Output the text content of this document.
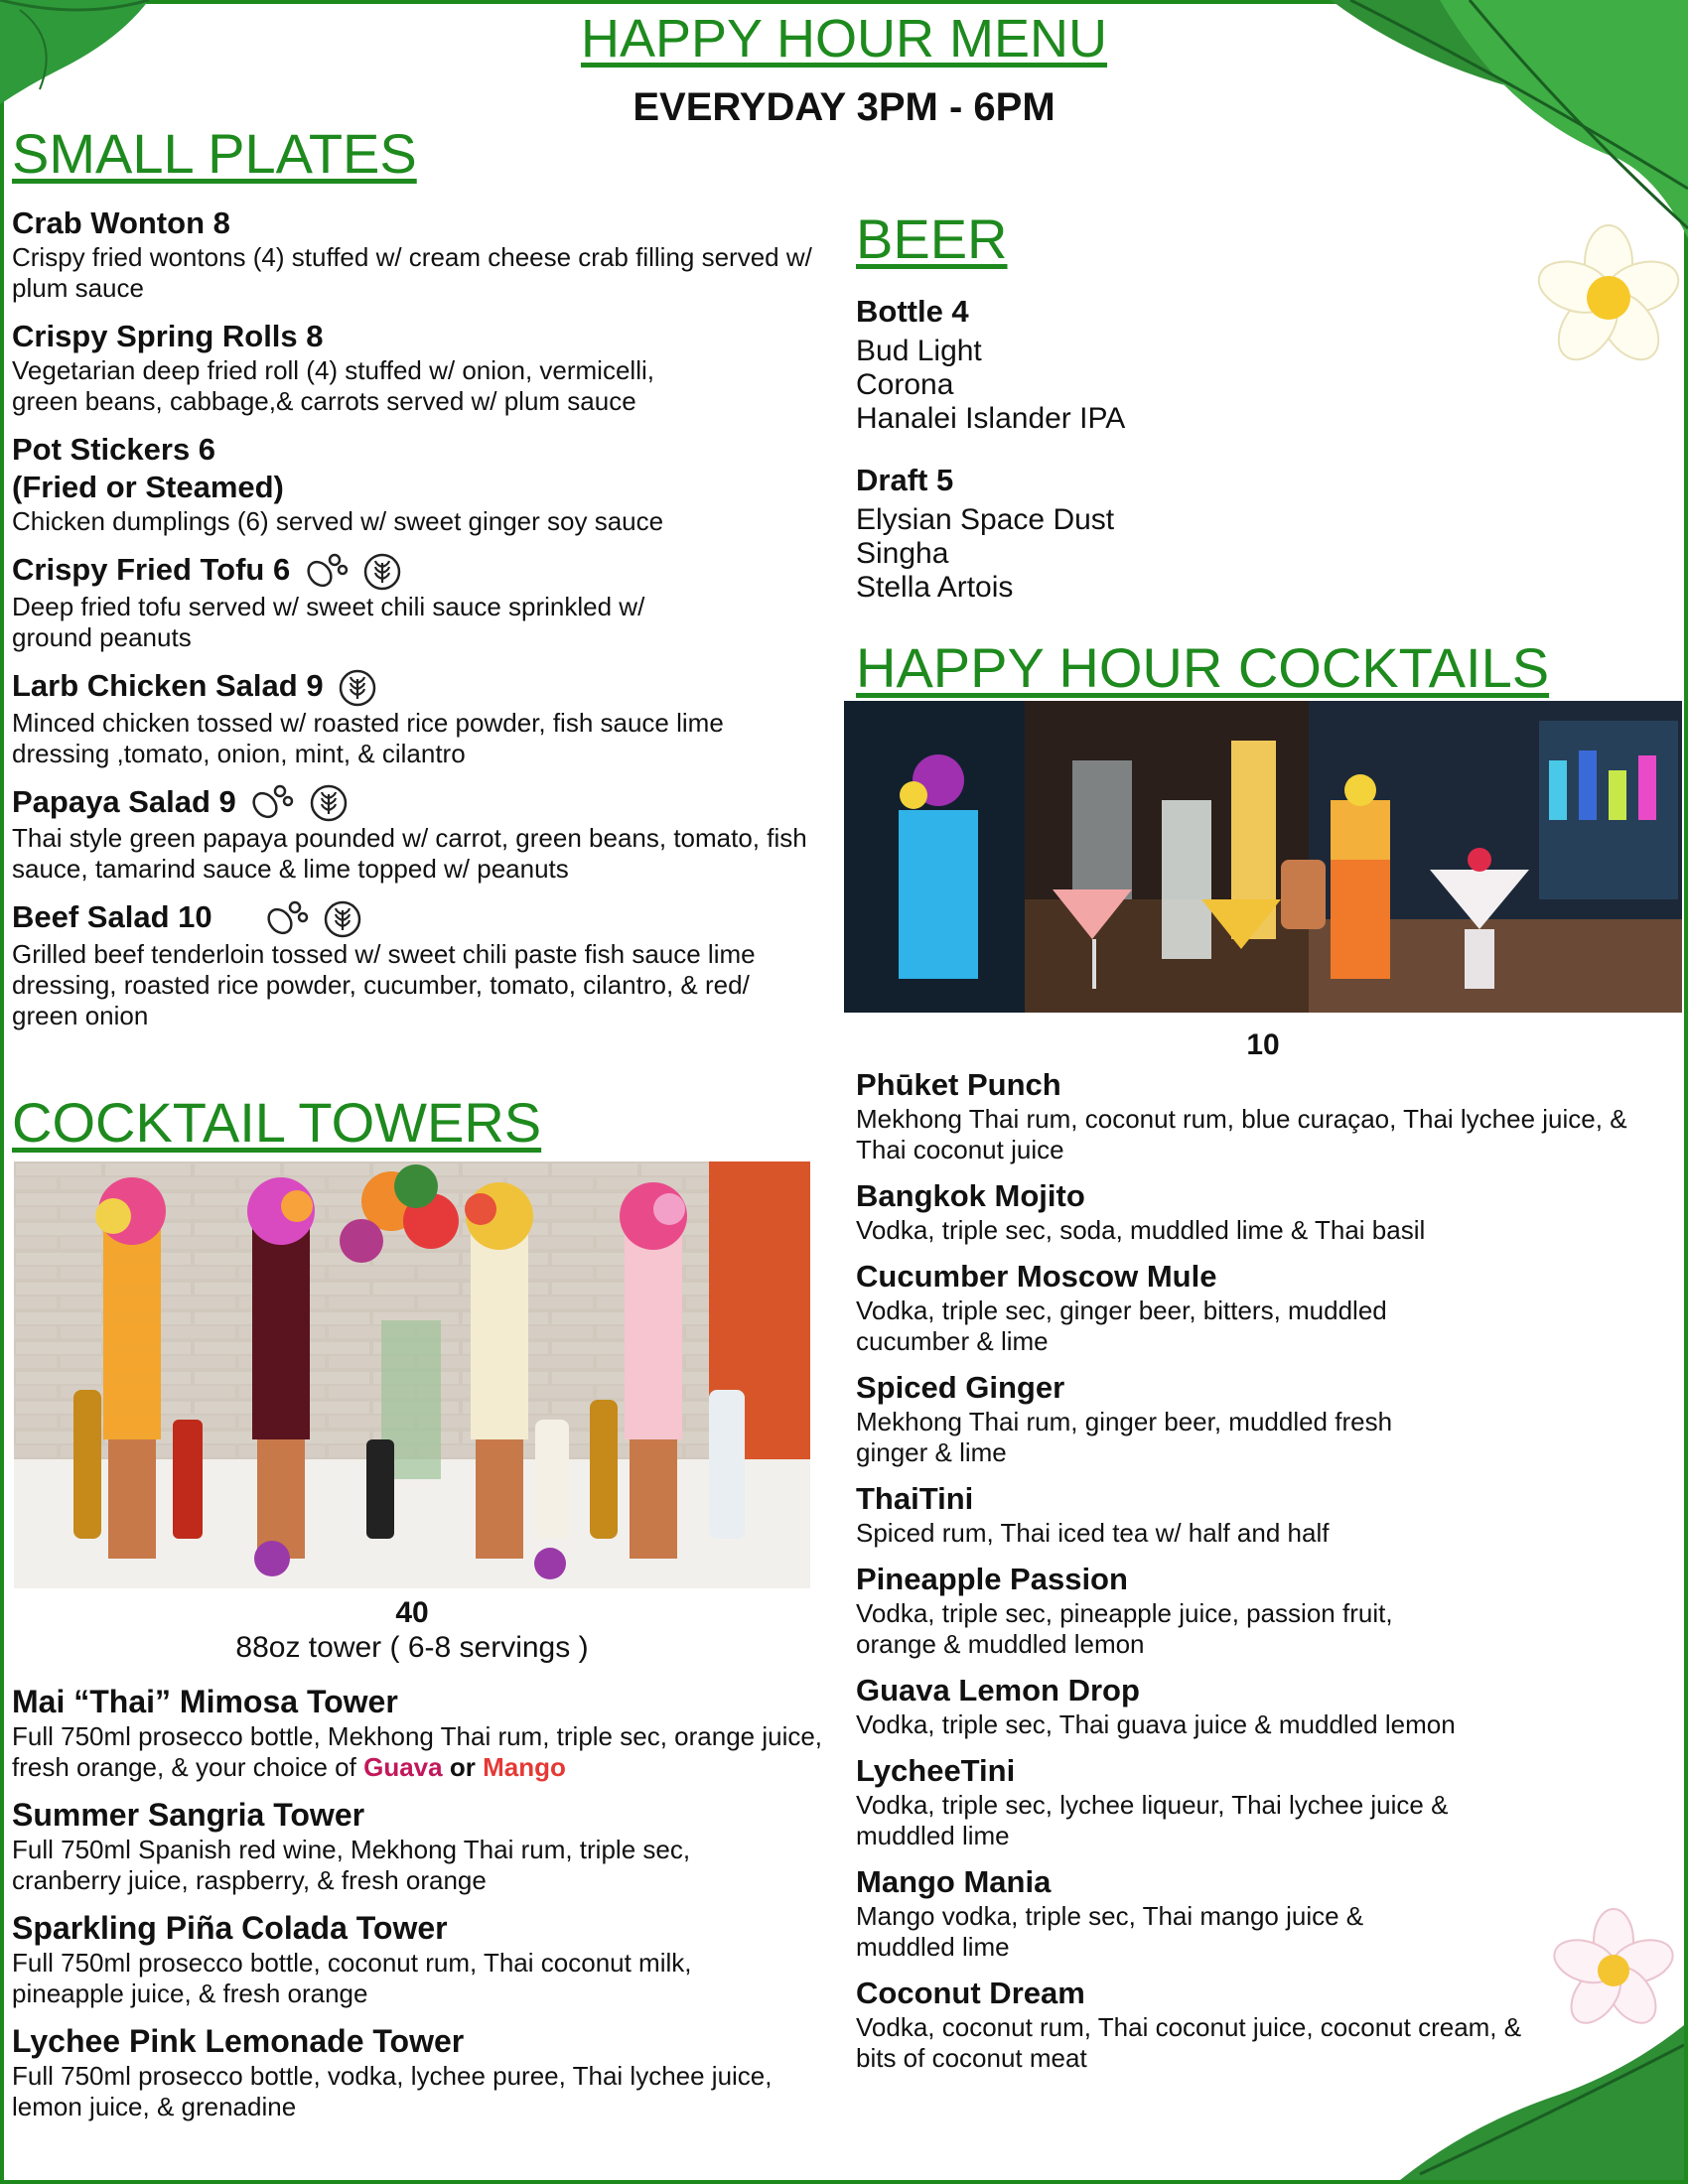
HAPPY HOUR MENU
EVERYDAY 3PM - 6PM
SMALL PLATES
Crab Wonton 8
Crispy fried wontons (4) stuffed w/ cream cheese crab filling served w/ plum sauce
Crispy Spring Rolls 8
Vegetarian deep fried roll (4) stuffed w/ onion, vermicelli, green beans, cabbage,& carrots served w/ plum sauce
Pot Stickers 6
(Fried or Steamed)
Chicken dumplings (6) served w/ sweet ginger soy sauce
Crispy Fried Tofu 6
Deep fried tofu served w/ sweet chili sauce sprinkled w/ ground peanuts
Larb Chicken Salad 9
Minced chicken tossed w/ roasted rice powder, fish sauce lime dressing ,tomato, onion, mint, & cilantro
Papaya Salad 9
Thai style green papaya pounded w/ carrot, green beans, tomato, fish sauce, tamarind sauce & lime topped w/ peanuts
Beef Salad 10
Grilled beef tenderloin tossed w/ sweet chili paste fish sauce lime dressing, roasted rice powder, cucumber, tomato, cilantro, & red/ green onion
COCKTAIL TOWERS
40
88oz tower ( 6-8 servings )
Mai “Thai” Mimosa Tower
Full 750ml prosecco bottle, Mekhong Thai rum, triple sec, orange juice, fresh orange, & your choice of Guava or Mango
Summer Sangria Tower
Full 750ml Spanish red wine, Mekhong Thai rum, triple sec, cranberry juice, raspberry, & fresh orange
Sparkling Piña Colada Tower
Full 750ml prosecco bottle, coconut rum, Thai coconut milk, pineapple juice, & fresh orange
Lychee Pink Lemonade Tower
Full 750ml prosecco bottle, vodka, lychee puree, Thai lychee juice, lemon juice, & grenadine
BEER
Bottle 4
Bud Light
Corona
Hanalei Islander IPA
Draft 5
Elysian Space Dust
Singha
Stella Artois
HAPPY HOUR COCKTAILS
10
Phūket Punch
Mekhong Thai rum, coconut rum, blue curaçao, Thai lychee juice, & Thai coconut juice
Bangkok Mojito
Vodka, triple sec, soda, muddled lime & Thai basil
Cucumber Moscow Mule
Vodka, triple sec, ginger beer, bitters, muddled cucumber & lime
Spiced Ginger
Mekhong Thai rum, ginger beer, muddled fresh ginger & lime
ThaiTini
Spiced rum, Thai iced tea w/ half and half
Pineapple Passion
Vodka, triple sec, pineapple juice, passion fruit, orange & muddled lemon
Guava Lemon Drop
Vodka, triple sec, Thai guava juice & muddled lemon
LycheeTini
Vodka, triple sec, lychee liqueur, Thai lychee juice & muddled lime
Mango Mania
Mango vodka, triple sec, Thai mango juice & muddled lime
Coconut Dream
Vodka, coconut rum, Thai coconut juice, coconut cream, & bits of coconut meat
